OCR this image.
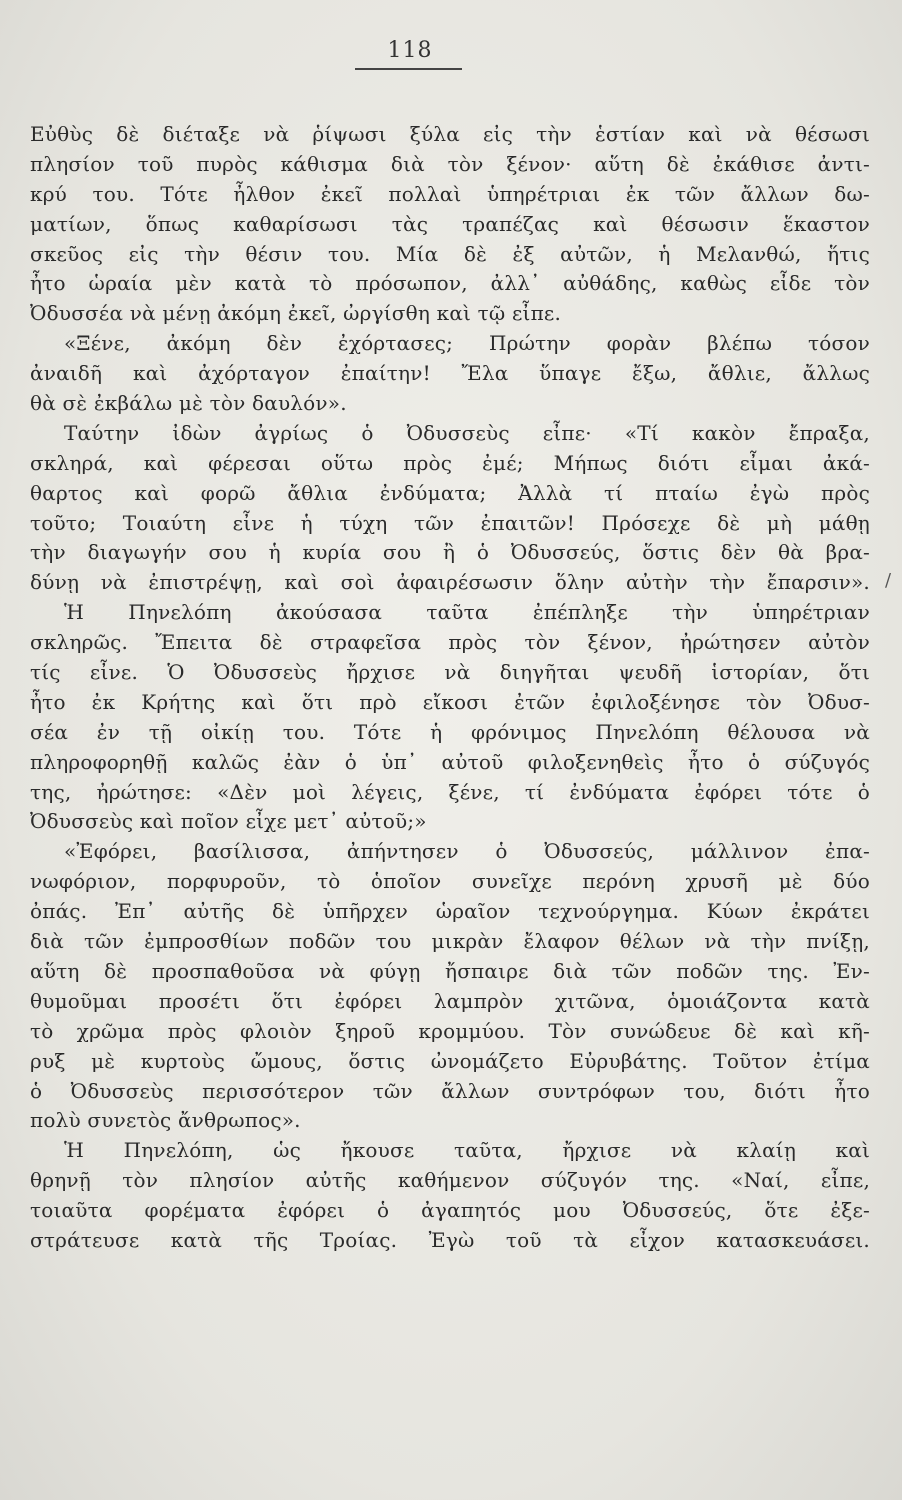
118
/
Εὐθὺς δὲ διέταξε νὰ ῥίψωσι ξύλα εἰς τὴν ἑστίαν καὶ νὰ θέσωσι
πλησίον τοῦ πυρὸς κάθισμα διὰ τὸν ξένον· αὕτη δὲ ἐκάθισε ἀντι-
κρύ του. Τότε ἦλθον ἐκεῖ πολλαὶ ὑπηρέτριαι ἐκ τῶν ἄλλων δω-
ματίων, ὅπως καθαρίσωσι τὰς τραπέζας καὶ θέσωσιν ἕκαστον
σκεῦος εἰς τὴν θέσιν του. Μία δὲ ἐξ αὐτῶν, ἡ Μελανθώ, ἥτις
ἦτο ὡραία μὲν κατὰ τὸ πρόσωπον, ἀλλ᾽ αὐθάδης, καθὼς εἶδε τὸν
Ὀδυσσέα νὰ μένῃ ἀκόμη ἐκεῖ, ὠργίσθη καὶ τῷ εἶπε.
«Ξένε, ἀκόμη δὲν ἐχόρτασες; Πρώτην φορὰν βλέπω τόσον
ἀναιδῆ καὶ ἀχόρταγον ἐπαίτην! Ἔλα ὕπαγε ἔξω, ἄθλιε, ἄλλως
θὰ σὲ ἐκβάλω μὲ τὸν δαυλόν».
Ταύτην ἰδὼν ἀγρίως ὁ Ὀδυσσεὺς εἶπε· «Τί κακὸν ἔπραξα,
σκληρά, καὶ φέρεσαι οὕτω πρὸς ἐμέ; Μήπως διότι εἶμαι ἀκά-
θαρτος καὶ φορῶ ἄθλια ἐνδύματα; Ἀλλὰ τί πταίω ἐγὼ πρὸς
τοῦτο; Τοιαύτη εἶνε ἡ τύχη τῶν ἐπαιτῶν! Πρόσεχε δὲ μὴ μάθῃ
τὴν διαγωγήν σου ἡ κυρία σου ἢ ὁ Ὀδυσσεύς, ὅστις δὲν θὰ βρα-
δύνῃ νὰ ἐπιστρέψῃ, καὶ σοὶ ἀφαιρέσωσιν ὅλην αὐτὴν τὴν ἔπαρσιν».
Ἡ Πηνελόπη ἀκούσασα ταῦτα ἐπέπληξε τὴν ὑπηρέτριαν
σκληρῶς. Ἔπειτα δὲ στραφεῖσα πρὸς τὸν ξένον, ἠρώτησεν αὐτὸν
τίς εἶνε. Ὁ Ὀδυσσεὺς ἤρχισε νὰ διηγῆται ψευδῆ ἱστορίαν, ὅτι
ἦτο ἐκ Κρήτης καὶ ὅτι πρὸ εἴκοσι ἐτῶν ἐφιλοξένησε τὸν Ὀδυσ-
σέα ἐν τῇ οἰκίῃ του. Τότε ἡ φρόνιμος Πηνελόπη θέλουσα νὰ
πληροφορηθῇ καλῶς ἐὰν ὁ ὑπ᾽ αὐτοῦ φιλοξενηθεὶς ἦτο ὁ σύζυγός
της, ἠρώτησε: «Δὲν μοὶ λέγεις, ξένε, τί ἐνδύματα ἐφόρει τότε ὁ
Ὀδυσσεὺς καὶ ποῖον εἶχε μετ᾽ αὐτοῦ;»
«Ἐφόρει, βασίλισσα, ἀπήντησεν ὁ Ὀδυσσεύς, μάλλινον ἐπα-
νωφόριον, πορφυροῦν, τὸ ὁποῖον συνεῖχε περόνη χρυσῆ μὲ δύο
ὀπάς. Ἐπ᾽ αὐτῆς δὲ ὑπῆρχεν ὡραῖον τεχνούργημα. Κύων ἐκράτει
διὰ τῶν ἐμπροσθίων ποδῶν του μικρὰν ἔλαφον θέλων νὰ τὴν πνίξῃ,
αὕτη δὲ προσπαθοῦσα νὰ φύγῃ ἤσπαιρε διὰ τῶν ποδῶν της. Ἐν-
θυμοῦμαι προσέτι ὅτι ἐφόρει λαμπρὸν χιτῶνα, ὁμοιάζοντα κατὰ
τὸ χρῶμα πρὸς φλοιὸν ξηροῦ κρομμύου. Τὸν συνώδευε δὲ καὶ κῆ-
ρυξ μὲ κυρτοὺς ὤμους, ὅστις ὠνομάζετο Εὐρυβάτης. Τοῦτον ἐτίμα
ὁ Ὀδυσσεὺς περισσότερον τῶν ἄλλων συντρόφων του, διότι ἦτο
πολὺ συνετὸς ἄνθρωπος».
Ἡ Πηνελόπη, ὡς ἤκουσε ταῦτα, ἤρχισε νὰ κλαίῃ καὶ
θρηνῇ τὸν πλησίον αὐτῆς καθήμενον σύζυγόν της. «Ναί, εἶπε,
τοιαῦτα φορέματα ἐφόρει ὁ ἀγαπητός μου Ὀδυσσεύς, ὅτε ἐξε-
στράτευσε κατὰ τῆς Τροίας. Ἐγὼ τοῦ τὰ εἶχον κατασκευάσει.
